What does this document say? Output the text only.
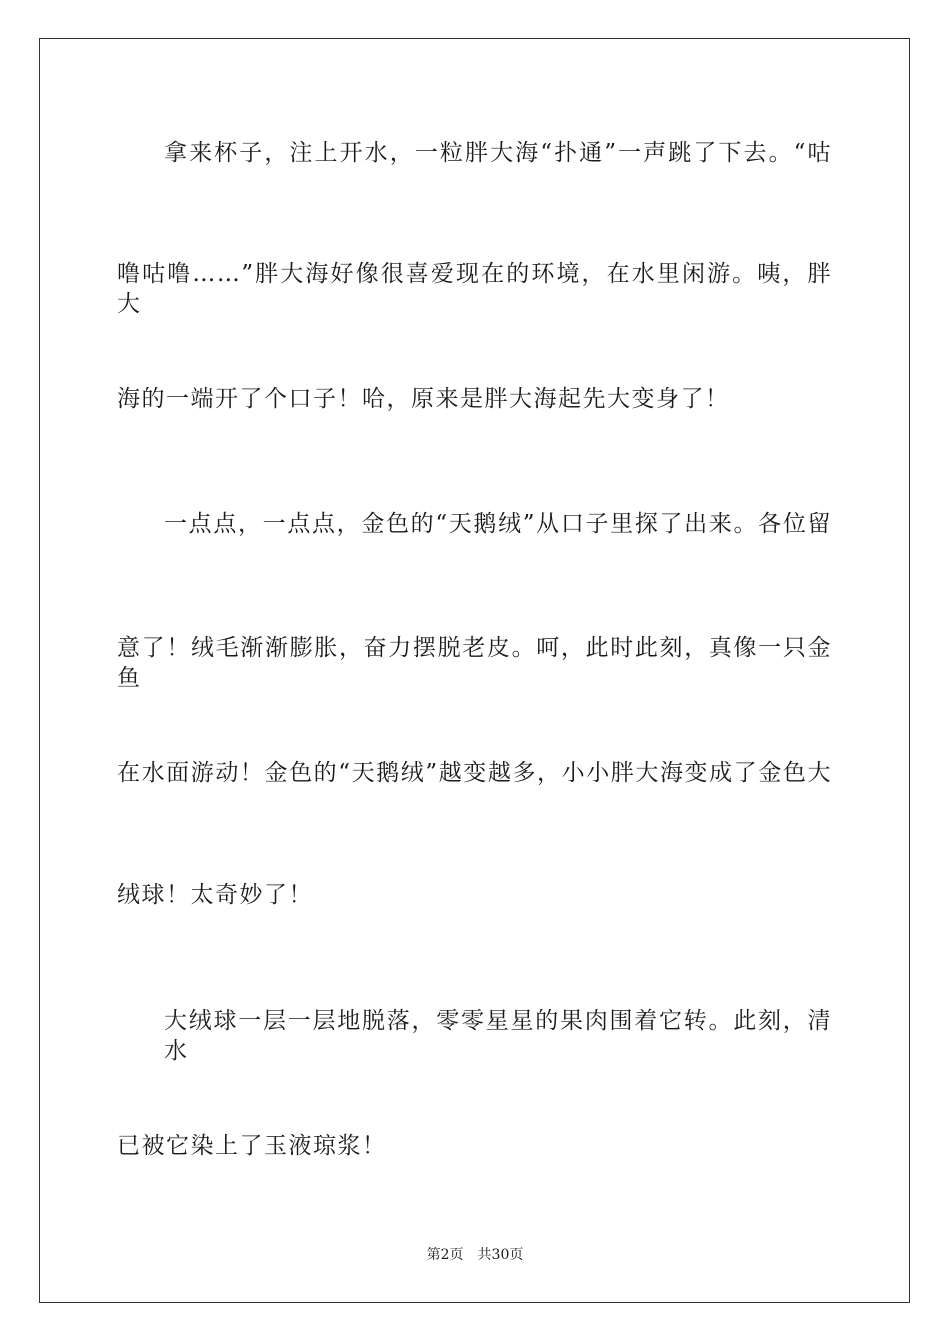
拿来杯子，注上开水，一粒胖大海“扑通”一声跳了下去。“咕
噜咕噜……”胖大海好像很喜爱现在的环境，在水里闲游。咦，胖大
海的一端开了个口子！哈，原来是胖大海起先大变身了！
一点点，一点点，金色的“天鹅绒”从口子里探了出来。各位留
意了！绒毛渐渐膨胀，奋力摆脱老皮。呵，此时此刻，真像一只金鱼
在水面游动！金色的“天鹅绒”越变越多，小小胖大海变成了金色大
绒球！太奇妙了！
大绒球一层一层地脱落，零零星星的果肉围着它转。此刻，清水
已被它染上了玉液琼浆！
第2页 共30页
